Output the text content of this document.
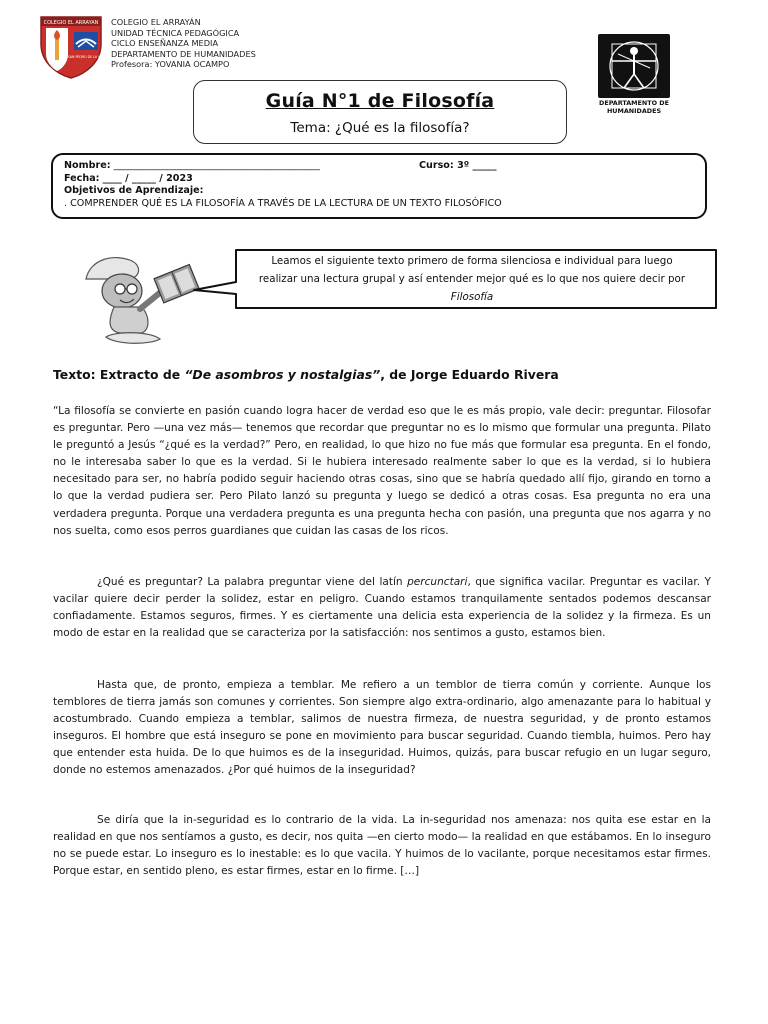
COLEGIO EL ARRAYAN
SAN PEDRO DE LA PAZ
COLEGIO EL ARRAYÁN
UNIDAD TÉCNICA PEDAGÓGICA
CICLO ENSEÑANZA MEDIA
DEPARTAMENTO DE HUMANIDADES
Profesora: YOVANIA OCAMPO
DEPARTAMENTO DE
HUMANIDADES
Guía N°1 de Filosofía
Tema: ¿Qué es la filosofía?
Nombre: ___________________________________________	Curso: 3º _____
Fecha: ____ / _____ / 2023
Objetivos de Aprendizaje:
. COMPRENDER QUÉ ES LA FILOSOFÍA A TRAVÉS DE LA LECTURA DE UN TEXTO FILOSÓFICO
Leamos el siguiente texto primero de forma silenciosa e individual para luego
realizar una lectura grupal y así entender mejor qué es lo que nos quiere decir por
Filosofía
Texto: Extracto de “De asombros y nostalgias”, de Jorge Eduardo Rivera
“La filosofía se convierte en pasión cuando logra hacer de verdad eso que le es más propio, vale decir: preguntar. Filosofar es preguntar. Pero —una vez más— tenemos que recordar que preguntar no es lo mismo que formular una pregunta. Pilato le preguntó a Jesús “¿qué es la verdad?” Pero, en realidad, lo que hizo no fue más que formular esa pregunta. En el fondo, no le interesaba saber lo que es la verdad. Si le hubiera interesado realmente saber lo que es la verdad, si lo hubiera necesitado para ser, no habría podido seguir haciendo otras cosas, sino que se habría quedado allí fijo, girando en torno a lo que la verdad pudiera ser. Pero Pilato lanzó su pregunta y luego se dedicó a otras cosas. Esa pregunta no era una verdadera pregunta. Porque una verdadera pregunta es una pregunta hecha con pasión, una pregunta que nos agarra y no nos suelta, como esos perros guardianes que cuidan las casas de los ricos.
¿Qué es preguntar? La palabra preguntar viene del latín percunctari, que significa vacilar. Preguntar es vacilar. Y vacilar quiere decir perder la solidez, estar en peligro. Cuando estamos tranquilamente sentados podemos descansar confiadamente. Estamos seguros, firmes. Y es ciertamente una delicia esta experiencia de la solidez y la firmeza. Es un modo de estar en la realidad que se caracteriza por la satisfacción: nos sentimos a gusto, estamos bien.
Hasta que, de pronto, empieza a temblar. Me refiero a un temblor de tierra común y corriente. Aunque los temblores de tierra jamás son comunes y corrientes. Son siempre algo extra-ordinario, algo amenazante para lo habitual y acostumbrado. Cuando empieza a temblar, salimos de nuestra firmeza, de nuestra seguridad, y de pronto estamos inseguros. El hombre que está inseguro se pone en movimiento para buscar seguridad. Cuando tiembla, huimos. Pero hay que entender esta huida. De lo que huimos es de la inseguridad. Huimos, quizás, para buscar refugio en un lugar seguro, donde no estemos amenazados. ¿Por qué huimos de la inseguridad?
Se diría que la in-seguridad es lo contrario de la vida. La in-seguridad nos amenaza: nos quita ese estar en la realidad en que nos sentíamos a gusto, es decir, nos quita —en cierto modo— la realidad en que estábamos. En lo inseguro no se puede estar. Lo inseguro es lo inestable: es lo que vacila. Y huimos de lo vacilante, porque necesitamos estar firmes. Porque estar, en sentido pleno, es estar firmes, estar en lo firme. […]
